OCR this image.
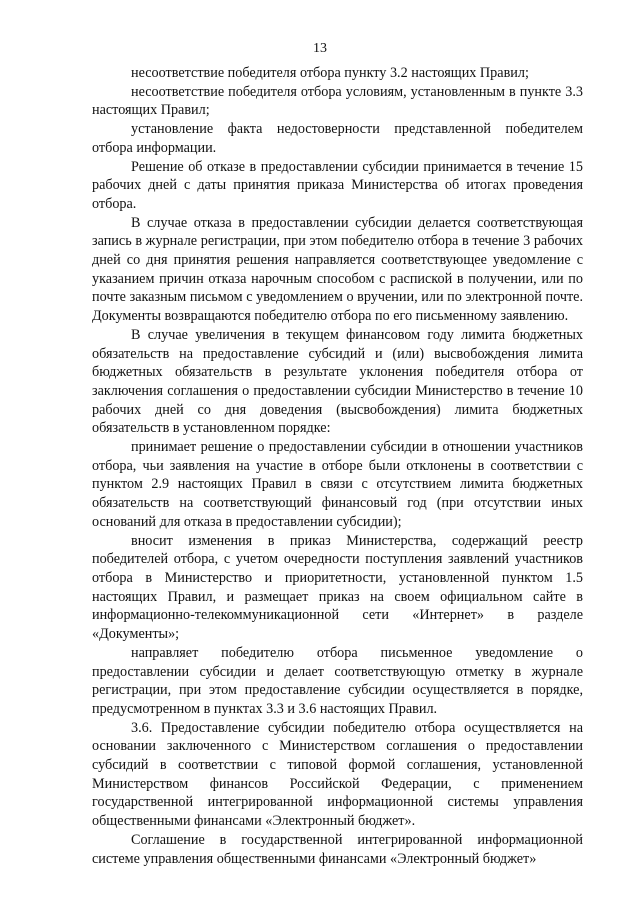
13

несоответствие победителя отбора пункту 3.2 настоящих Правил;

несоответствие победителя отбора условиям, установленным в пункте 3.3 настоящих Правил;

установление факта недостоверности представленной победителем отбора информации.

Решение об отказе в предоставлении субсидии принимается в течение 15 рабочих дней с даты принятия приказа Министерства об итогах проведения отбора.

В случае отказа в предоставлении субсидии делается соответствующая запись в журнале регистрации, при этом победителю отбора в течение 3 рабочих дней со дня принятия решения направляется соответствующее уведомление с указанием причин отказа нарочным способом с распиской в получении, или по почте заказным письмом с уведомлением о вручении, или по электронной почте. Документы возвращаются победителю отбора по его письменному заявлению.

В случае увеличения в текущем финансовом году лимита бюджетных обязательств на предоставление субсидий и (или) высвобождения лимита бюджетных обязательств в результате уклонения победителя отбора от заключения соглашения о предоставлении субсидии Министерство в течение 10 рабочих дней со дня доведения (высвобождения) лимита бюджетных обязательств в установленном порядке:

принимает решение о предоставлении субсидии в отношении участников отбора, чьи заявления на участие в отборе были отклонены в соответствии с пунктом 2.9 настоящих Правил в связи с отсутствием лимита бюджетных обязательств на соответствующий финансовый год (при отсутствии иных оснований для отказа в предоставлении субсидии);

вносит изменения в приказ Министерства, содержащий реестр победителей отбора, с учетом очередности поступления заявлений участников отбора в Министерство и приоритетности, установленной пунктом 1.5 настоящих Правил, и размещает приказ на своем официальном сайте в информационно-телекоммуникационной сети «Интернет» в разделе «Документы»;

направляет победителю отбора письменное уведомление о предоставлении субсидии и делает соответствующую отметку в журнале регистрации, при этом предоставление субсидии осуществляется в порядке, предусмотренном в пунктах 3.3 и 3.6 настоящих Правил.

3.6. Предоставление субсидии победителю отбора осуществляется на основании заключенного с Министерством соглашения о предоставлении субсидий в соответствии с типовой формой соглашения, установленной Министерством финансов Российской Федерации, с применением государственной интегрированной информационной системы управления общественными финансами «Электронный бюджет».

Соглашение в государственной интегрированной информационной системе управления общественными финансами «Электронный бюджет»
